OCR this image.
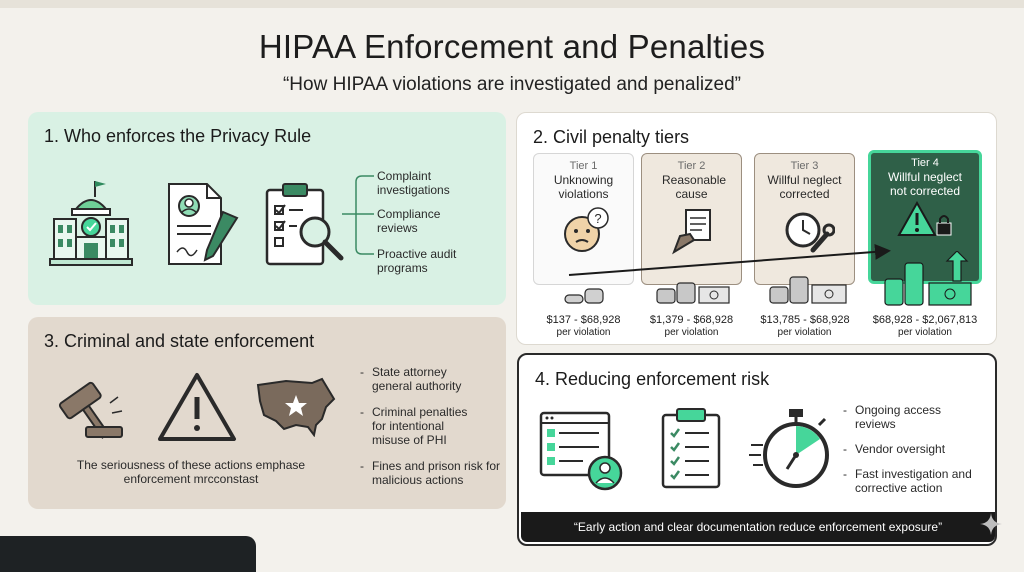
HIPAA Enforcement and Penalties
“How HIPAA violations are investigated and penalized”
1. Who enforces the Privacy Rule
Complaint investigations
Compliance reviews
Proactive audit programs
2. Civil penalty tiers
Tier 1
Unknowing violations
?
Tier 2
Reasonable cause
Tier 3
Willful neglect corrected
Tier 4
Willful neglect not corrected
$137 - $68,928	$1,379 - $68,928	$13,785 - $68,928	$68,928 - $2,067,813
per violation	per violation	per violation	per violation
3. Criminal and state enforcement
The seriousness of these actions emphase enforcement mrcconstast
- State attorney general authority
- Criminal penalties for intentional misuse of PHI
- Fines and prison risk for malicious actions
4. Reducing enforcement risk
- Ongoing access reviews
- Vendor oversight
- Fast investigation and corrective action
“Early action and clear documentation reduce enforcement exposure”
